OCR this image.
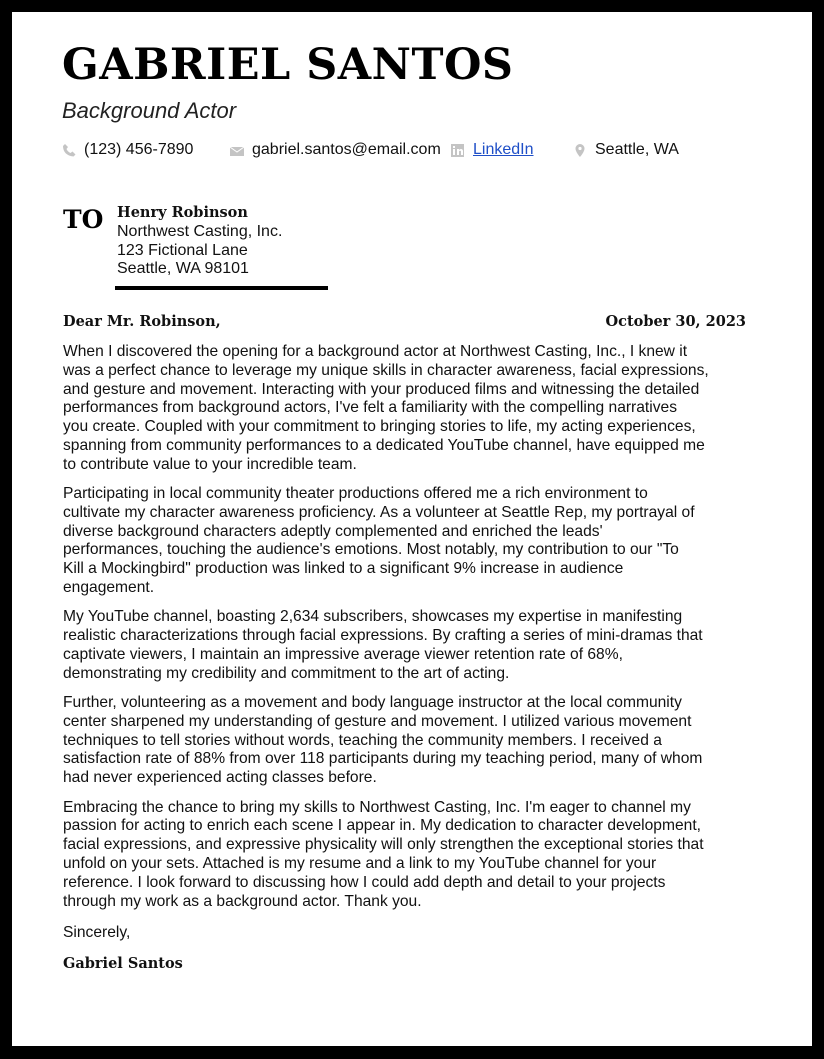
GABRIEL SANTOS
Background Actor
(123) 456-7890	gabriel.santos@email.com LinkedIn	Seattle, WA
TO Henry Robinson
Northwest Casting, Inc.
123 Fictional Lane
Seattle, WA 98101
Dear Mr. Robinson,	October 30, 2023
When I discovered the opening for a background actor at Northwest Casting, Inc., I knew it
was a perfect chance to leverage my unique skills in character awareness, facial expressions,
and gesture and movement. Interacting with your produced films and witnessing the detailed
performances from background actors, I've felt a familiarity with the compelling narratives
you create. Coupled with your commitment to bringing stories to life, my acting experiences,
spanning from community performances to a dedicated YouTube channel, have equipped me
to contribute value to your incredible team.
Participating in local community theater productions offered me a rich environment to
cultivate my character awareness proficiency. As a volunteer at Seattle Rep, my portrayal of
diverse background characters adeptly complemented and enriched the leads'
performances, touching the audience's emotions. Most notably, my contribution to our "To
Kill a Mockingbird" production was linked to a significant 9% increase in audience
engagement.
My YouTube channel, boasting 2,634 subscribers, showcases my expertise in manifesting
realistic characterizations through facial expressions. By crafting a series of mini-dramas that
captivate viewers, I maintain an impressive average viewer retention rate of 68%,
demonstrating my credibility and commitment to the art of acting.
Further, volunteering as a movement and body language instructor at the local community
center sharpened my understanding of gesture and movement. I utilized various movement
techniques to tell stories without words, teaching the community members. I received a
satisfaction rate of 88% from over 118 participants during my teaching period, many of whom
had never experienced acting classes before.
Embracing the chance to bring my skills to Northwest Casting, Inc. I'm eager to channel my
passion for acting to enrich each scene I appear in. My dedication to character development,
facial expressions, and expressive physicality will only strengthen the exceptional stories that
unfold on your sets. Attached is my resume and a link to my YouTube channel for your
reference. I look forward to discussing how I could add depth and detail to your projects
through my work as a background actor. Thank you.
Sincerely,
Gabriel Santos
